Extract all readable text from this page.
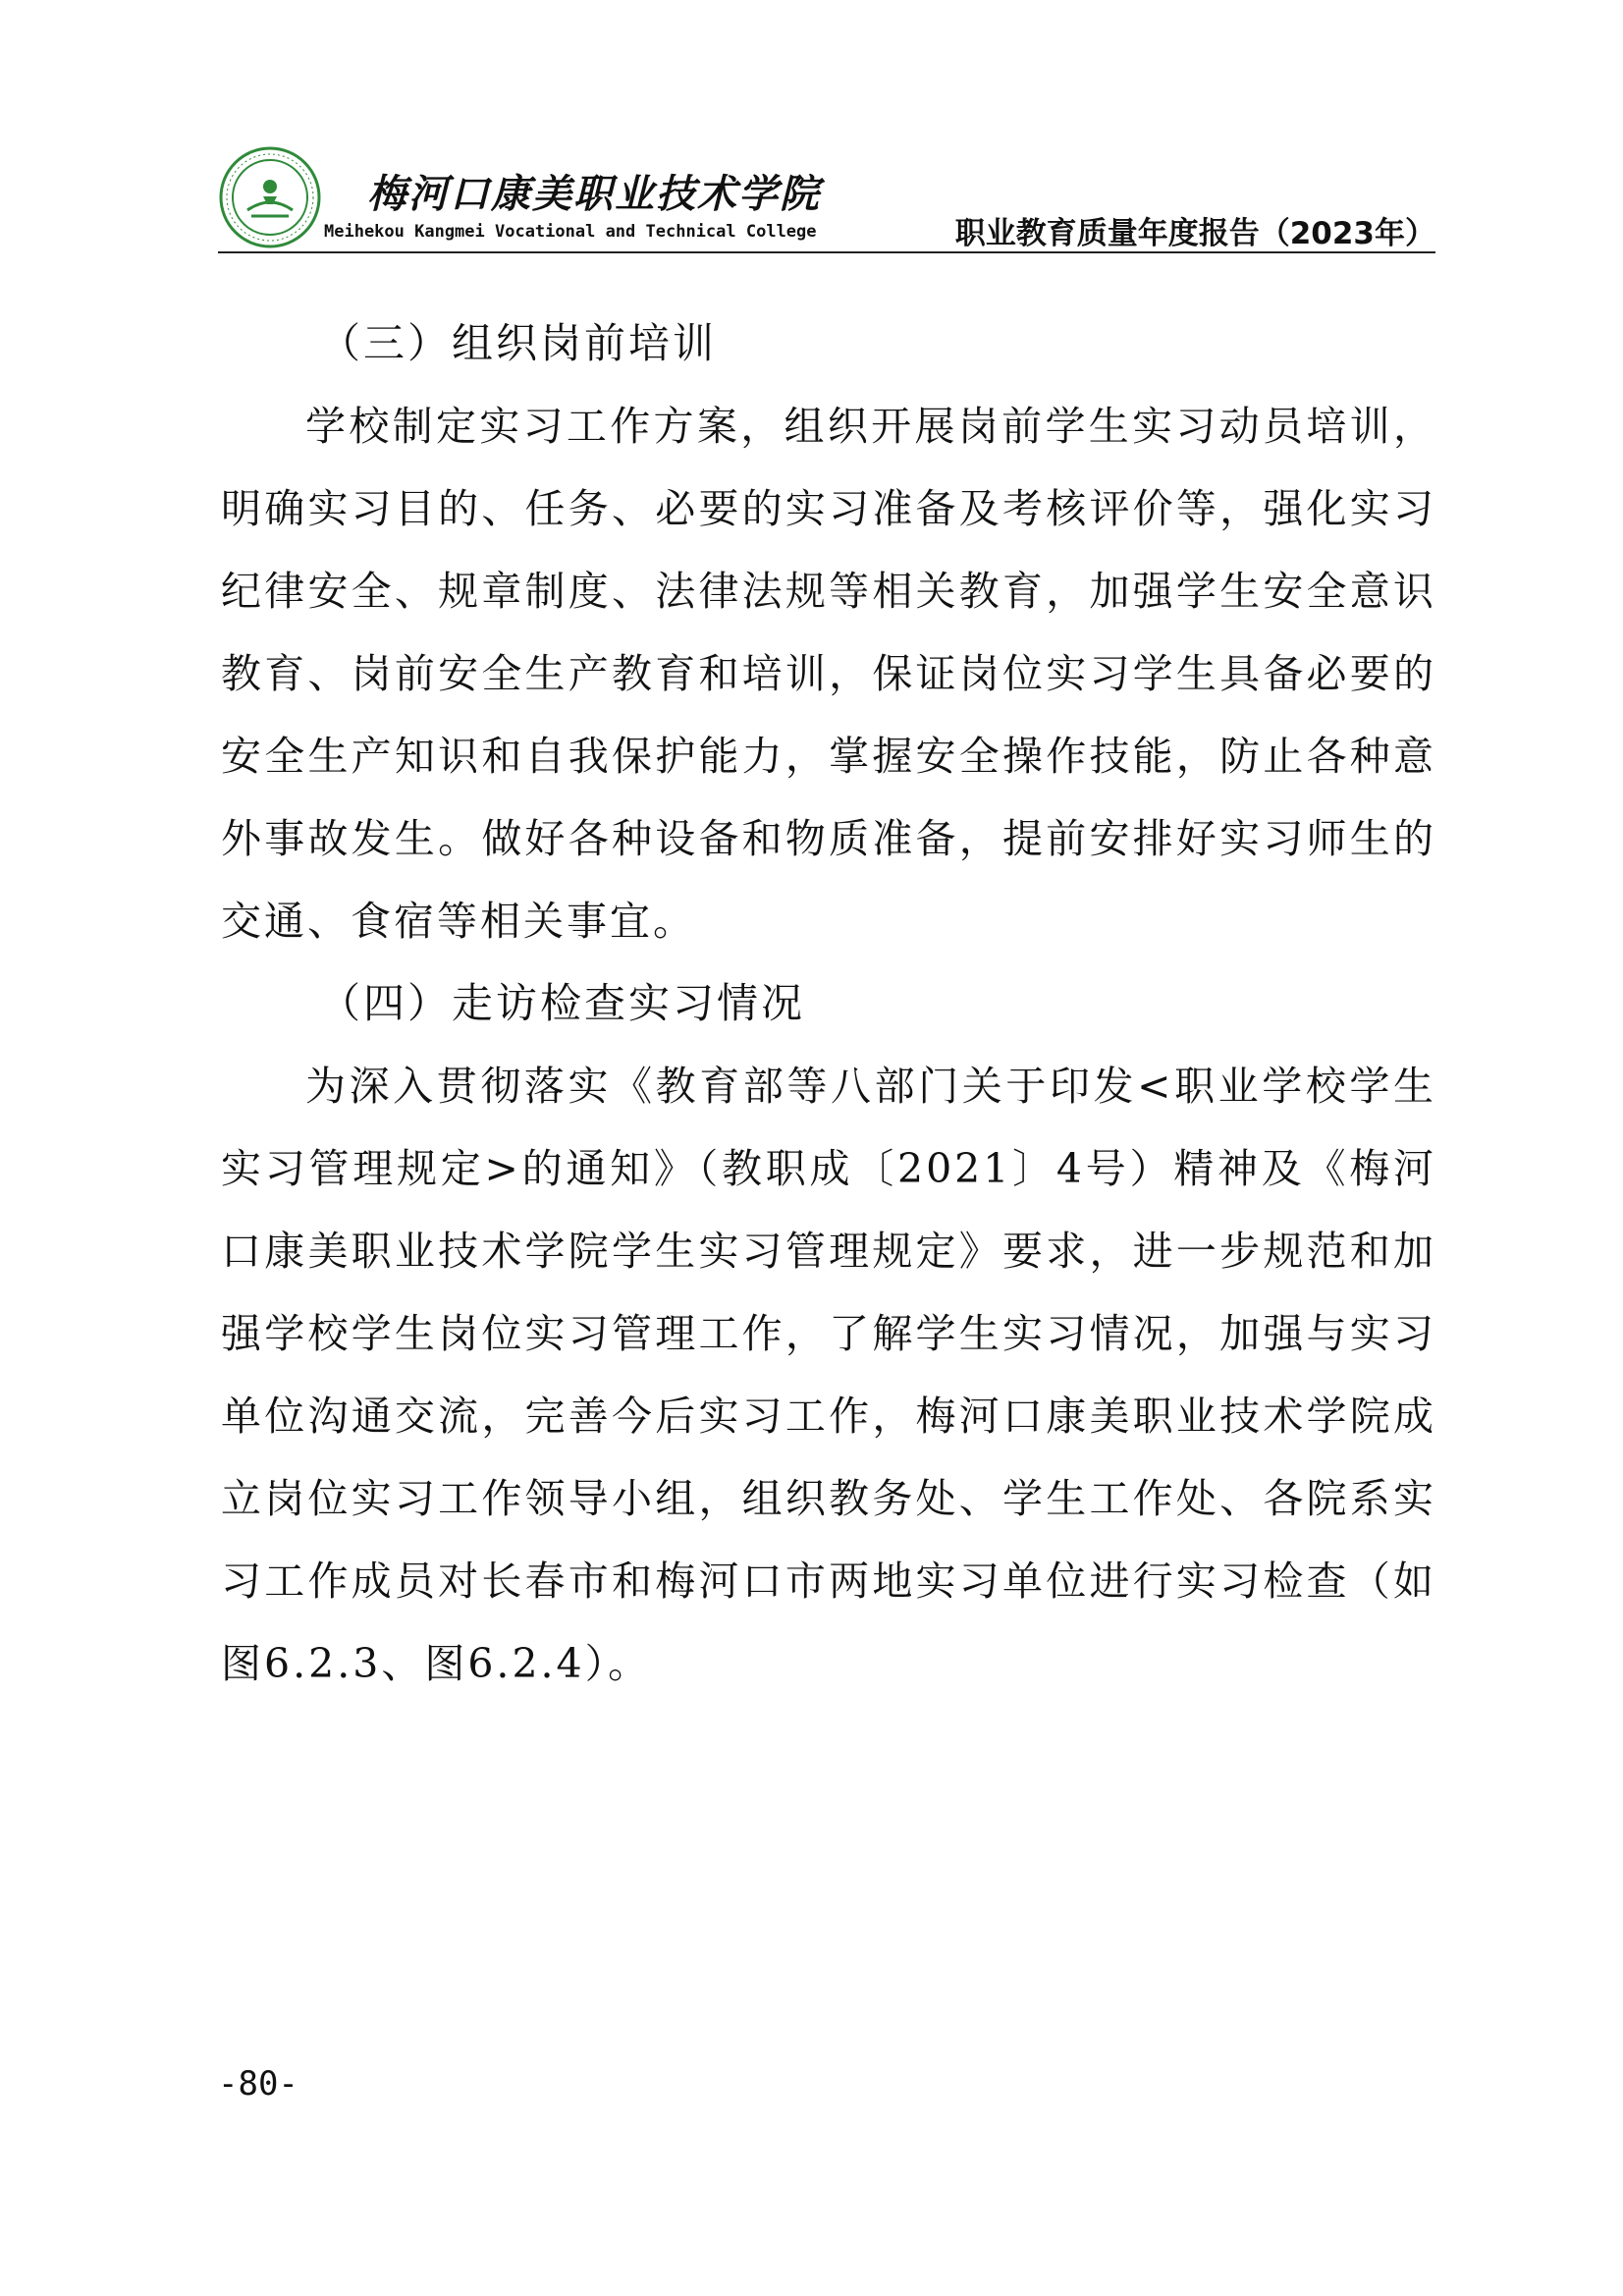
梅河口康美职业技术学院
Meihekou Kangmei Vocational and Technical College	职业教育质量年度报告（2023年）
（三）组织岗前培训

学校制定实习工作方案，组织开展岗前学生实习动员培训，明确实习目的、任务、必要的实习准备及考核评价等，强化实习纪律安全、规章制度、法律法规等相关教育，加强学生安全意识教育、岗前安全生产教育和培训，保证岗位实习学生具备必要的安全生产知识和自我保护能力，掌握安全操作技能，防止各种意外事故发生。做好各种设备和物质准备，提前安排好实习师生的交通、食宿等相关事宜。

（四）走访检查实习情况

为深入贯彻落实《教育部等八部门关于印发<职业学校学生实习管理规定>的通知》（教职成〔2021〕4号）精神及《梅河口康美职业技术学院学生实习管理规定》要求，进一步规范和加强学校学生岗位实习管理工作，了解学生实习情况，加强与实习单位沟通交流，完善今后实习工作，梅河口康美职业技术学院成立岗位实习工作领导小组，组织教务处、学生工作处、各院系实习工作成员对长春市和梅河口市两地实习单位进行实习检查（如图6.2.3、图6.2.4）。

-80-
